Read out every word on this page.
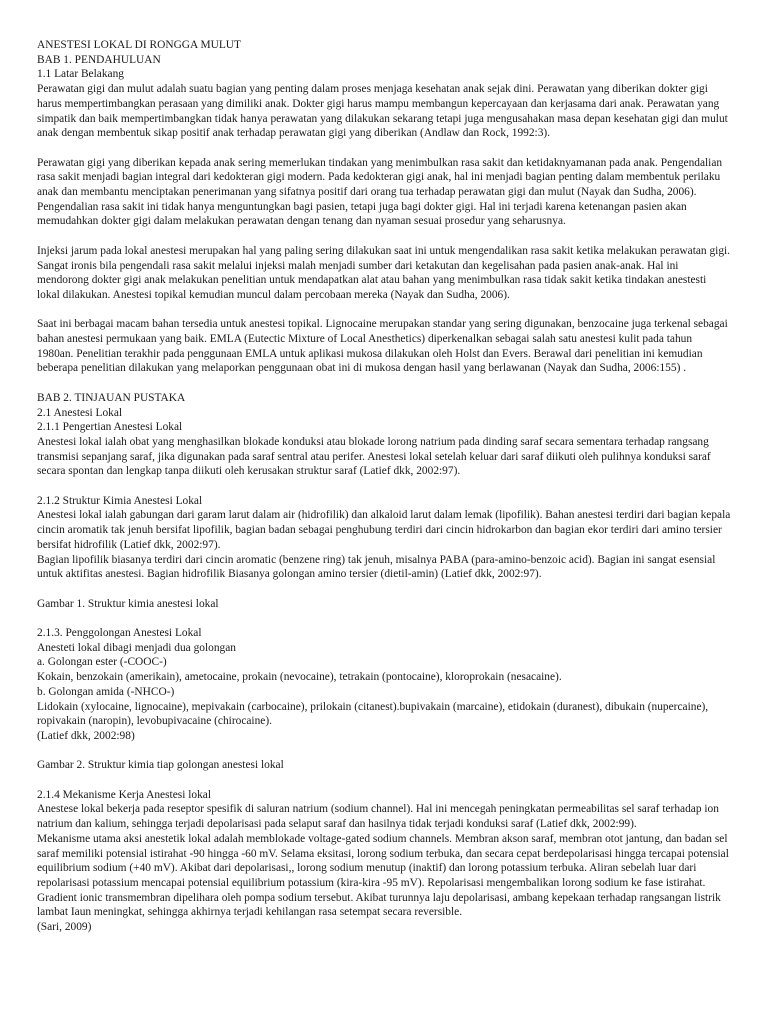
ANESTESI LOKAL DI RONGGA MULUT
BAB 1. PENDAHULUAN
1.1 Latar Belakang

Perawatan gigi dan mulut adalah suatu bagian yang penting dalam proses menjaga kesehatan anak sejak dini. Perawatan yang diberikan dokter gigi harus mempertimbangkan perasaan yang dimiliki anak. Dokter gigi harus mampu membangun kepercayaan dan kerjasama dari anak. Perawatan yang simpatik dan baik mempertimbangkan tidak hanya perawatan yang dilakukan sekarang tetapi juga mengusahakan masa depan kesehatan gigi dan mulut anak dengan membentuk sikap positif anak terhadap perawatan gigi yang diberikan (Andlaw dan Rock, 1992:3).

Perawatan gigi yang diberikan kepada anak sering memerlukan tindakan yang menimbulkan rasa sakit dan ketidaknyamanan pada anak. Pengendalian rasa sakit menjadi bagian integral dari kedokteran gigi modern. Pada kedokteran gigi anak, hal ini menjadi bagian penting dalam membentuk perilaku anak dan membantu menciptakan penerimanan yang sifatnya positif dari orang tua terhadap perawatan gigi dan mulut (Nayak dan Sudha, 2006). Pengendalian rasa sakit ini tidak hanya menguntungkan bagi pasien, tetapi juga bagi dokter gigi. Hal ini terjadi karena ketenangan pasien akan memudahkan dokter gigi dalam melakukan perawatan dengan tenang dan nyaman sesuai prosedur yang seharusnya.

Injeksi jarum pada lokal anestesi merupakan hal yang paling sering dilakukan saat ini untuk mengendalikan rasa sakit ketika melakukan perawatan gigi. Sangat ironis bila pengendali rasa sakit melalui injeksi malah menjadi sumber dari ketakutan dan kegelisahan pada pasien anak-anak. Hal ini mendorong dokter gigi anak melakukan penelitian untuk mendapatkan alat atau bahan yang menimbulkan rasa tidak sakit ketika tindakan anestesti lokal dilakukan. Anestesi topikal kemudian muncul dalam percobaan mereka (Nayak dan Sudha, 2006).

Saat ini berbagai macam bahan tersedia untuk anestesi topikal. Lignocaine merupakan standar yang sering digunakan, benzocaine juga terkenal sebagai bahan anestesi permukaan yang baik. EMLA (Eutectic Mixture of Local Anesthetics) diperkenalkan sebagai salah satu anestesi kulit pada tahun 1980an. Penelitian terakhir pada penggunaan EMLA untuk aplikasi mukosa dilakukan oleh Holst dan Evers. Berawal dari penelitian ini kemudian beberapa penelitian dilakukan yang melaporkan penggunaan obat ini di mukosa dengan hasil yang berlawanan (Nayak dan Sudha, 2006:155) .

BAB 2. TINJAUAN PUSTAKA
2.1 Anestesi Lokal
2.1.1 Pengertian Anestesi Lokal

Anestesi lokal ialah obat yang menghasilkan blokade konduksi atau blokade lorong natrium pada dinding saraf secara sementara terhadap rangsang transmisi sepanjang saraf, jika digunakan pada saraf sentral atau perifer. Anestesi lokal setelah keluar dari saraf diikuti oleh pulihnya konduksi saraf secara spontan dan lengkap tanpa diikuti oleh kerusakan struktur saraf (Latief dkk, 2002:97).

2.1.2 Struktur Kimia Anestesi Lokal

Anestesi lokal ialah gabungan dari garam larut dalam air (hidrofilik) dan alkaloid larut dalam lemak (lipofilik). Bahan anestesi terdiri dari bagian kepala cincin aromatik tak jenuh bersifat lipofilik, bagian badan sebagai penghubung terdiri dari cincin hidrokarbon dan bagian ekor terdiri dari amino tersier bersifat hidrofilik (Latief dkk, 2002:97).

Bagian lipofilik biasanya terdiri dari cincin aromatic (benzene ring) tak jenuh, misalnya PABA (para-amino-benzoic acid). Bagian ini sangat esensial untuk aktifitas anestesi. Bagian hidrofilik Biasanya golongan amino tersier (dietil-amin) (Latief dkk, 2002:97).

Gambar 1. Struktur kimia anestesi lokal
2.1.3. Penggolongan Anestesi Lokal
Anesteti lokal dibagi menjadi dua golongan
a. Golongan ester (-COOC-)

Kokain, benzokain (amerikain), ametocaine, prokain (nevocaine), tetrakain (pontocaine), kloroprokain (nesacaine).

b. Golongan amida (-NHCO-)

Lidokain (xylocaine, lignocaine), mepivakain (carbocaine), prilokain (citanest).bupivakain (marcaine), etidokain (duranest), dibukain (nupercaine), ropivakain (naropin), levobupivacaine (chirocaine).

(Latief dkk, 2002:98)
Gambar 2. Struktur kimia tiap golongan anestesi lokal
2.1.4 Mekanisme Kerja Anestesi lokal

Anestese lokal bekerja pada reseptor spesifik di saluran natrium (sodium channel). Hal ini mencegah peningkatan permeabilitas sel saraf terhadap ion natrium dan kalium, sehingga terjadi depolarisasi pada selaput saraf dan hasilnya tidak terjadi konduksi saraf (Latief dkk, 2002:99).

Mekanisme utama aksi anestetik lokal adalah memblokade voltage-gated sodium channels. Membran akson saraf, membran otot jantung, dan badan sel saraf memiliki potensial istirahat -90 hingga -60 mV. Selama eksitasi, lorong sodium terbuka, dan secara cepat berdepolarisasi hingga tercapai potensial equilibrium sodium (+40 mV). Akibat dari depolarisasi,, lorong sodium menutup (inaktif) dan lorong potassium terbuka. Aliran sebelah luar dari repolarisasi potassium mencapai potensial equilibrium potassium (kira-kira -95 mV). Repolarisasi mengembalikan lorong sodium ke fase istirahat.

Gradient ionic transmembran dipelihara oleh pompa sodium tersebut. Akibat turunnya laju depolarisasi, ambang kepekaan terhadap rangsangan listrik lambat Iaun meningkat, sehingga akhirnya terjadi kehilangan rasa setempat secara reversible.

(Sari, 2009)
